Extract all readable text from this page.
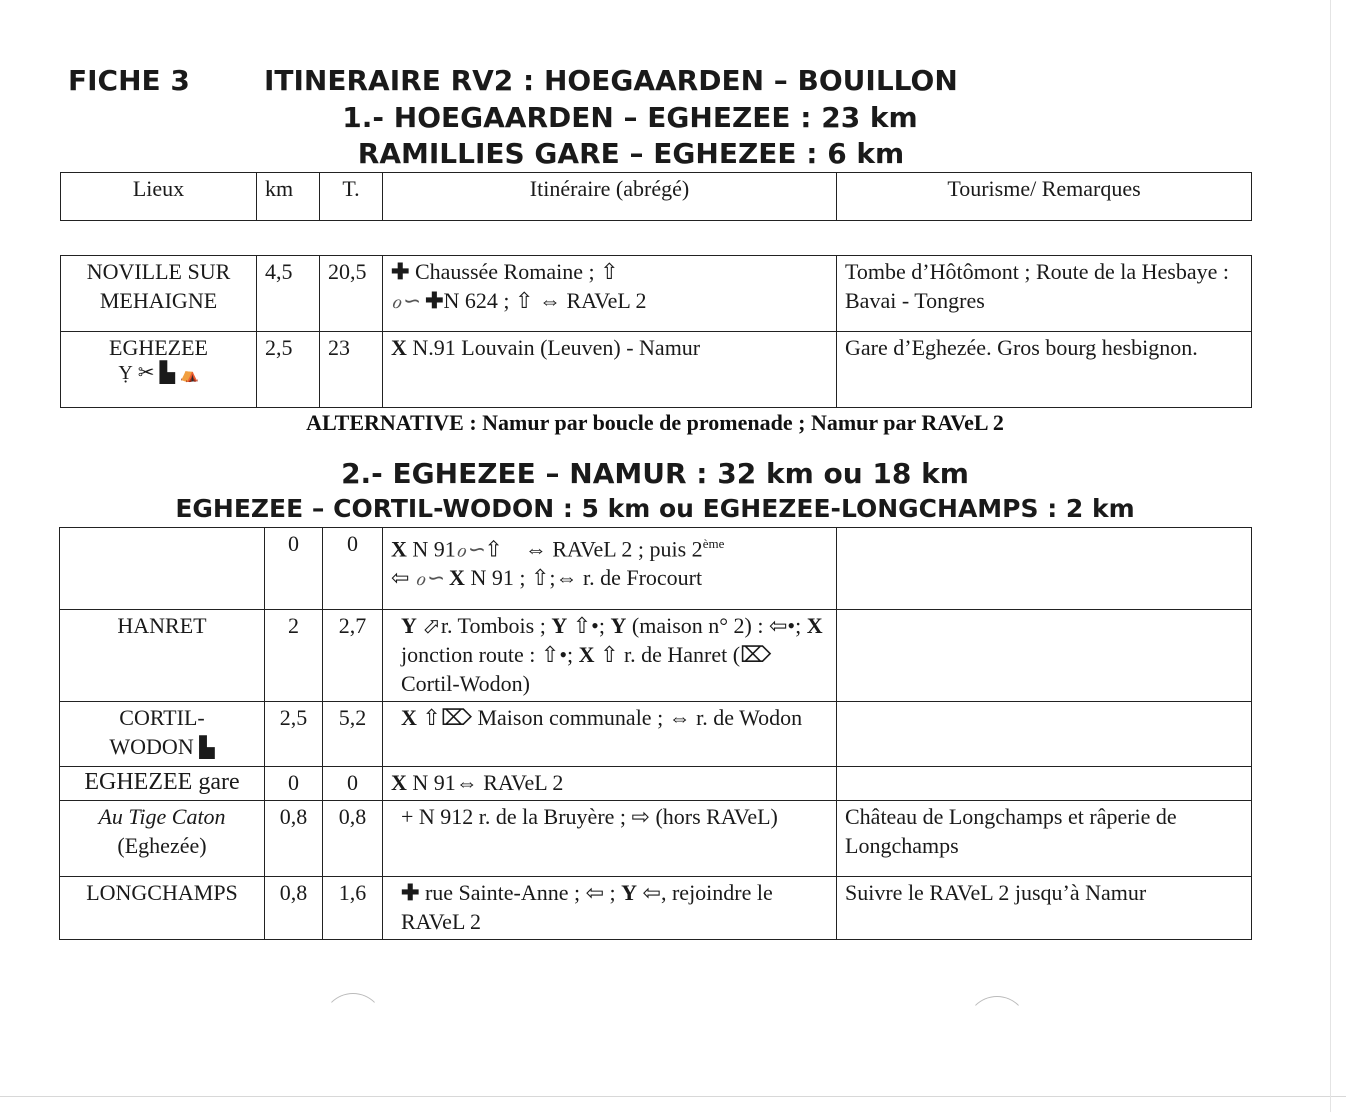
FICHE 3	ITINERAIRE RV2 : HOEGAARDEN – BOUILLON
1.- HOEGAARDEN – EGHEZEE : 23 km
RAMILLIES GARE – EGHEZEE : 6 km
Lieux	km	T.	Itinéraire (abrégé)	Tourisme/ Remarques
NOVILLE SUR MEHAIGNE	4,5	20,5	✚ Chaussée Romaine ; ⇧
ℴ∽ ✚N 624 ; ⇧ ⇔ RAVeL 2	Tombe d’Hôtômont ; Route de la Hesbaye : Bavai - Tongres

EGHEZEE
Ỵ ✂ ▙ ⛺	2,5	23	X N.91 Louvain (Leuven) - Namur	Gare d’Eghezée. Gros bourg hesbignon.
ALTERNATIVE : Namur par boucle de promenade ; Namur par RAVeL 2
2.- EGHEZEE – NAMUR : 32 km ou 18 km
EGHEZEE – CORTIL-WODON : 5 km ou EGHEZEE-LONGCHAMPS : 2 km
	0	0	X N 91ℴ∽⇧    ⇔ RAVeL 2 ; puis 2ème
⇦ ℴ∽ X N 91 ; ⇧;⇔ r. de Frocourt	
HANRET	2	2,7	Y ⬀r. Tombois ; Y ⇧•; Y (maison n° 2) : ⇦•; X jonction route : ⇧•; X ⇧ r. de Hanret (⌦ Cortil-Wodon)	
CORTIL-WODON ▙	2,5	5,2	X ⇧⌦ Maison communale ; ⇔ r. de Wodon	
EGHEZEE gare	0	0	X N 91⇔ RAVeL 2	

Au Tige Caton
(Eghezée)	0,8	0,8	+ N 912 r. de la Bruyère ; ⇨ (hors RAVeL)	Château de Longchamps et râperie de Longchamps
LONGCHAMPS	0,8	1,6	✚ rue Sainte-Anne ; ⇦ ; Y ⇦, rejoindre le RAVeL 2	Suivre le RAVeL 2 jusqu’à Namur
